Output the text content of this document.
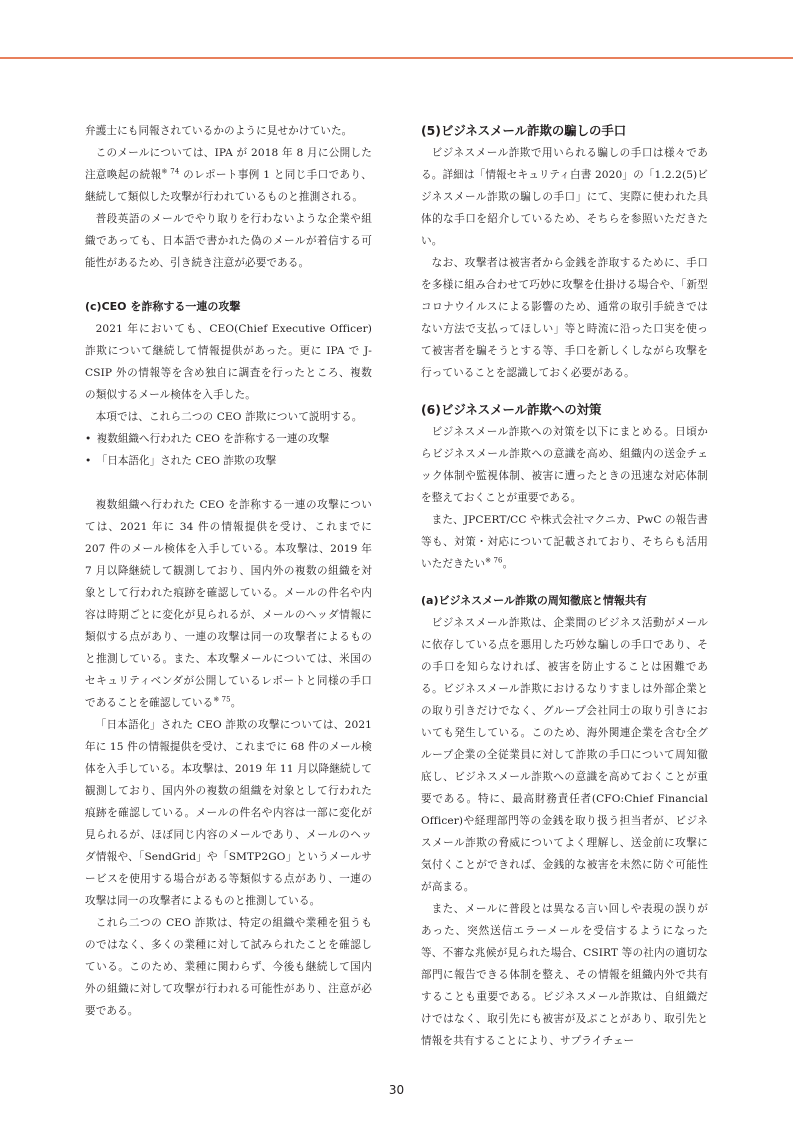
弁護士にも同報されているかのように見せかけていた。

このメールについては、IPA が 2018 年 8 月に公開した注意喚起の続報$^{※ 74}$ のレポート事例 1 と同じ手口であり、継続して類似した攻撃が行われているものと推測される。

普段英語のメールでやり取りを行わないような企業や組織であっても、日本語で書かれた偽のメールが着信する可能性があるため、引き続き注意が必要である。

(c)CEO を詐称する一連の攻撃

2021 年においても、CEO(Chief Executive Officer)詐欺について継続して情報提供があった。更に IPA で J-CSIP 外の情報等を含め独自に調査を行ったところ、複数の類似するメール検体を入手した。

本項では、これら二つの CEO 詐欺について説明する。

• 複数組織へ行われた CEO を詐称する一連の攻撃
• 「日本語化」された CEO 詐欺の攻撃

複数組織へ行われた CEO を詐称する一連の攻撃については、2021 年に 34 件の情報提供を受け、これまでに 207 件のメール検体を入手している。本攻撃は、2019 年 7 月以降継続して観測しており、国内外の複数の組織を対象として行われた痕跡を確認している。メールの件名や内容は時期ごとに変化が見られるが、メールのヘッダ情報に類似する点があり、一連の攻撃は同一の攻撃者によるものと推測している。また、本攻撃メールについては、米国のセキュリティベンダが公開しているレポートと同様の手口であることを確認している$^{※ 75}$。

「日本語化」された CEO 詐欺の攻撃については、2021 年に 15 件の情報提供を受け、これまでに 68 件のメール検体を入手している。本攻撃は、2019 年 11 月以降継続して観測しており、国内外の複数の組織を対象として行われた痕跡を確認している。メールの件名や内容は一部に変化が見られるが、ほぼ同じ内容のメールであり、メールのヘッダ情報や、「SendGrid」や「SMTP2GO」というメールサービスを使用する場合がある等類似する点があり、一連の攻撃は同一の攻撃者によるものと推測している。

これら二つの CEO 詐欺は、特定の組織や業種を狙うものではなく、多くの業種に対して試みられたことを確認している。このため、業種に関わらず、今後も継続して国内外の組織に対して攻撃が行われる可能性があり、注意が必要である。

(5)ビジネスメール詐欺の騙しの手口

ビジネスメール詐欺で用いられる騙しの手口は様々である。詳細は「情報セキュリティ白書 2020」の「1.2.2(5)ビジネスメール詐欺の騙しの手口」にて、実際に使われた具体的な手口を紹介しているため、そちらを参照いただきたい。

なお、攻撃者は被害者から金銭を詐取するために、手口を多様に組み合わせて巧妙に攻撃を仕掛ける場合や、「新型コロナウイルスによる影響のため、通常の取引手続きではない方法で支払ってほしい」等と時流に沿った口実を使って被害者を騙そうとする等、手口を新しくしながら攻撃を行っていることを認識しておく必要がある。

(6)ビジネスメール詐欺への対策

ビジネスメール詐欺への対策を以下にまとめる。日頃からビジネスメール詐欺への意識を高め、組織内の送金チェック体制や監視体制、被害に遭ったときの迅速な対応体制を整えておくことが重要である。

また、JPCERT/CC や株式会社マクニカ、PwC の報告書等も、対策・対応について記載されており、そちらも活用いただきたい$^{※ 76}$。

(a)ビジネスメール詐欺の周知徹底と情報共有

ビジネスメール詐欺は、企業間のビジネス活動がメールに依存している点を悪用した巧妙な騙しの手口であり、その手口を知らなければ、被害を防止することは困難である。ビジネスメール詐欺におけるなりすましは外部企業との取り引きだけでなく、グループ会社同士の取り引きにおいても発生している。このため、海外関連企業を含む全グループ企業の全従業員に対して詐欺の手口について周知徹底し、ビジネスメール詐欺への意識を高めておくことが重要である。特に、最高財務責任者(CFO:Chief Financial Officer)や経理部門等の金銭を取り扱う担当者が、ビジネスメール詐欺の脅威についてよく理解し、送金前に攻撃に気付くことができれば、金銭的な被害を未然に防ぐ可能性が高まる。

また、メールに普段とは異なる言い回しや表現の誤りがあった、突然送信エラーメールを受信するようになった等、不審な兆候が見られた場合、CSIRT 等の社内の適切な部門に報告できる体制を整え、その情報を組織内外で共有することも重要である。ビジネスメール詐欺は、自組織だけではなく、取引先にも被害が及ぶことがあり、取引先と情報を共有することにより、サプライチェー

30
